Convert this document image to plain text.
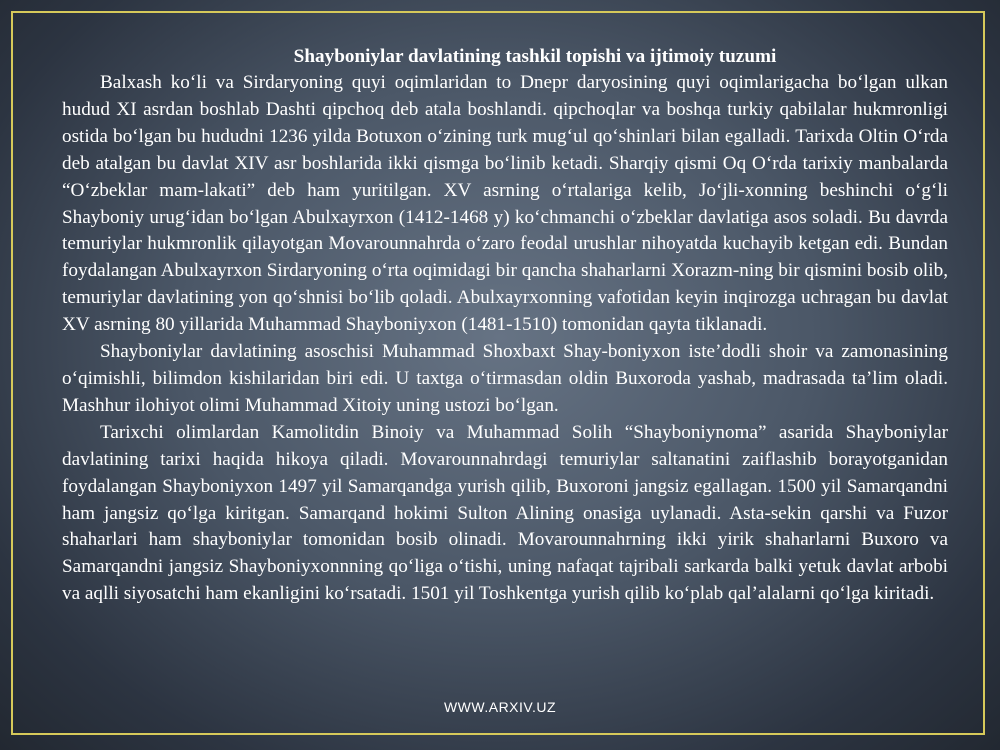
Shayboniylar davlatining tashkil topishi va ijtimoiy tuzumi

Balxash ko‘li va Sirdaryoning quyi oqimlaridan to Dnepr daryosining quyi oqimlarigacha bo‘lgan ulkan hudud XI asrdan boshlab Dashti qipchoq deb atala boshlandi. qipchoqlar va boshqa turkiy qabilalar hukmronligi ostida bo‘lgan bu hududni 1236 yilda Botuxon o‘zining turk mug‘ul qo‘shinlari bilan egalladi. Tarixda Oltin O‘rda deb atalgan bu davlat XIV asr boshlarida ikki qismga bo‘linib ketadi. Sharqiy qismi Oq O‘rda tarixiy manbalarda “O‘zbeklar mam-lakati” deb ham yuritilgan. XV asrning o‘rtalariga kelib, Jo‘jli-xonning beshinchi o‘g‘li Shayboniy urug‘idan bo‘lgan Abulxayrxon (1412-1468 y) ko‘chmanchi o‘zbeklar davlatiga asos soladi. Bu davrda temuriylar hukmronlik qilayotgan Movarounnahrda o‘zaro feodal urushlar nihoyatda kuchayib ketgan edi. Bundan foydalangan Abulxayrxon Sirdaryoning o‘rta oqimidagi bir qancha shaharlarni Xorazm-ning bir qismini bosib olib, temuriylar davlatining yon qo‘shnisi bo‘lib qoladi. Abulxayrxonning vafotidan keyin inqirozga uchragan bu davlat XV asrning 80 yillarida Muhammad Shayboniyxon (1481-1510) tomonidan qayta tiklanadi.

Shayboniylar davlatining asoschisi Muhammad Shoxbaxt Shay-boniyxon iste’dodli shoir va zamonasining o‘qimishli, bilimdon kishilaridan biri edi. U taxtga o‘tirmasdan oldin Buxoroda yashab, madrasada ta’lim oladi. Mashhur ilohiyot olimi Muhammad Xitoiy uning ustozi bo‘lgan.

Tarixchi olimlardan Kamolitdin Binoiy va Muhammad Solih “Shayboniynoma” asarida Shayboniylar davlatining tarixi haqida hikoya qiladi. Movarounnahrdagi temuriylar saltanatini zaiflashib borayotganidan foydalangan Shayboniyxon 1497 yil Samarqandga yurish qilib, Buxoroni jangsiz egallagan. 1500 yil Samarqandni ham jangsiz qo‘lga kiritgan. Samarqand hokimi Sulton Alining onasiga uylanadi. Asta-sekin qarshi va Fuzor shaharlari ham shayboniylar tomonidan bosib olinadi. Movarounnahrning ikki yirik shaharlarni Buxoro va Samarqandni jangsiz Shayboniyxonnning qo‘liga o‘tishi, uning nafaqat tajribali sarkarda balki yetuk davlat arbobi va aqlli siyosatchi ham ekanligini ko‘rsatadi. 1501 yil Toshkentga yurish qilib ko‘plab qal’alalarni qo‘lga kiritadi.

WWW.ARXIV.UZ
